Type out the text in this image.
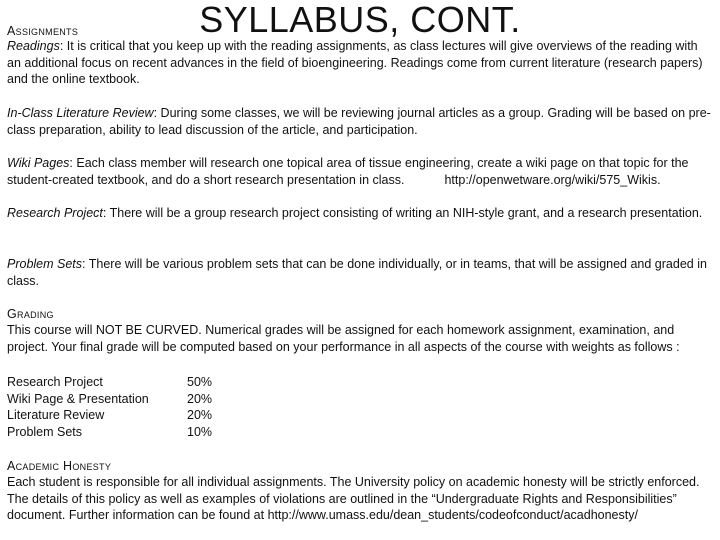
SYLLABUS, CONT.
Assignments
Readings: It is critical that you keep up with the reading assignments, as class lectures will give overviews of the reading with an additional focus on recent advances in the field of bioengineering. Readings come from current literature (research papers) and the online textbook.
In-Class Literature Review: During some classes, we will be reviewing journal articles as a group. Grading will be based on pre-class preparation, ability to lead discussion of the article, and participation.
Wiki Pages: Each class member will research one topical area of tissue engineering, create a wiki page on that topic for the student-created textbook, and do a short research presentation in class.	http://openwetware.org/wiki/575_Wikis.
Research Project: There will be a group research project consisting of writing an NIH-style grant, and a research presentation.
Problem Sets: There will be various problem sets that can be done individually, or in teams, that will be assigned and graded in class.
Grading
This course will NOT BE CURVED. Numerical grades will be assigned for each homework assignment, examination, and project. Your final grade will be computed based on your performance in all aspects of the course with weights as follows :
Research Project	50%
Wiki Page & Presentation	20%
Literature Review	20%
Problem Sets	10%
Academic Honesty
Each student is responsible for all individual assignments. The University policy on academic honesty will be strictly enforced. The details of this policy as well as examples of violations are outlined in the “Undergraduate Rights and Responsibilities” document. Further information can be found at http://www.umass.edu/dean_students/codeofconduct/acadhonesty/
